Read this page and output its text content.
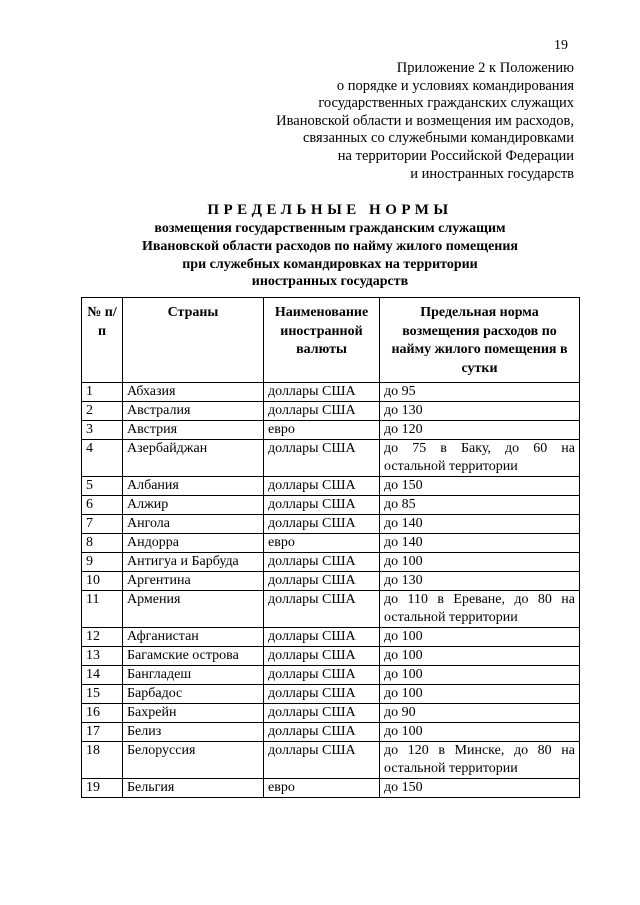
19
Приложение 2 к Положению
о порядке и условиях командирования
государственных гражданских служащих
Ивановской области и возмещения им расходов,
связанных со служебными командировками
на территории Российской Федерации
и иностранных государств
ПРЕДЕЛЬНЫЕ НОРМЫ
возмещения государственным гражданским служащим
Ивановской области расходов по найму жилого помещения
при служебных командировках на территории
иностранных государств
№ п/п	Страны	Наименование иностранной валюты	Предельная норма возмещения расходов по найму жилого помещения в сутки
1	Абхазия	доллары США	до 95
2	Австралия	доллары США	до 130
3	Австрия	евро	до 120
4	Азербайджан	доллары США	до 75 в Баку, до 60 на остальной территории
5	Албания	доллары США	до 150
6	Алжир	доллары США	до 85
7	Ангола	доллары США	до 140
8	Андорра	евро	до 140
9	Антигуа и Барбуда	доллары США	до 100
10	Аргентина	доллары США	до 130
11	Армения	доллары США	до 110 в Ереване, до 80 на остальной территории
12	Афганистан	доллары США	до 100
13	Багамские острова	доллары США	до 100
14	Бангладеш	доллары США	до 100
15	Барбадос	доллары США	до 100
16	Бахрейн	доллары США	до 90
17	Белиз	доллары США	до 100
18	Белоруссия	доллары США	до 120 в Минске, до 80 на остальной территории
19	Бельгия	евро	до 150
